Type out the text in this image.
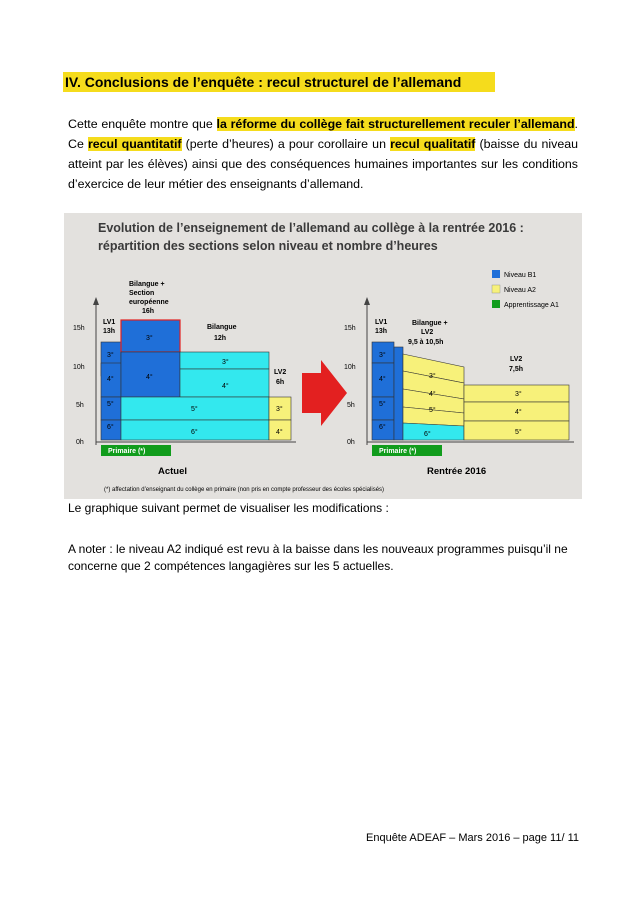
IV. Conclusions de l’enquête : recul structurel de l’allemand
Cette enquête montre que la réforme du collège fait structurellement reculer l’allemand. Ce recul quantitatif (perte d’heures) a pour corollaire un recul qualitatif (baisse du niveau atteint par les élèves) ainsi que des conséquences humaines importantes sur les conditions d’exercice de leur métier des enseignants d’allemand.
Evolution de l’enseignement de l’allemand au collège à la rentrée 2016 :
répartition des sections selon niveau et nombre d’heures
Niveau B1
Niveau A2
Apprentissage A1
15h
10h
5h
0h
LV1
13h
3°
4°
5°
6°
Bilangue +
Section
européenne
16h
3°
4°
Bilangue
12h
3°
4°
5°
6°
LV2
6h
3°
4°
Primaire (*)
Actuel
15h
10h
5h
0h
LV1
13h
3°
4°
5°
6°
Bilangue +
LV2
9,5 à 10,5h
3°
4°
5°
6°
LV2
7,5h
3°
4°
5°
Primaire (*)
Rentrée 2016
(*) affectation d’enseignant du collège en primaire (non pris en compte professeur des écoles spécialisés)
Le graphique suivant permet de visualiser les modifications :
A noter : le niveau A2 indiqué est revu à la baisse dans les nouveaux programmes puisqu’il ne concerne que 2 compétences langagières sur les 5 actuelles.
Enquête ADEAF – Mars 2016 – page 11/ 11
